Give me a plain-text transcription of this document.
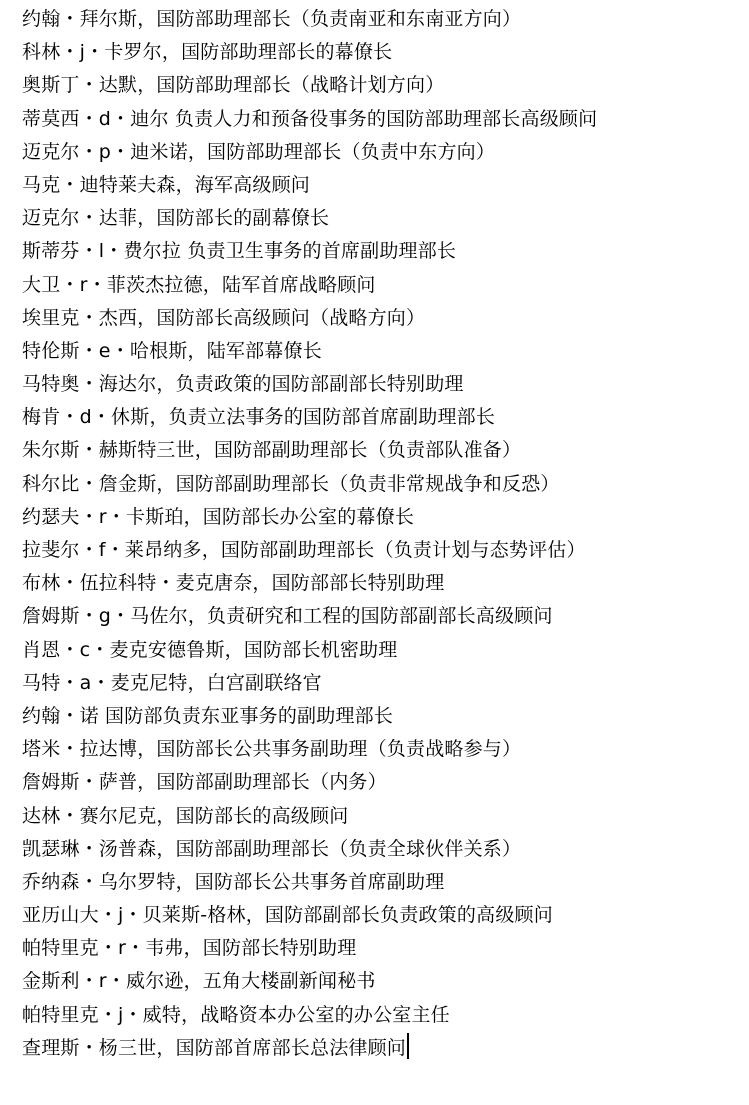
约翰・拜尔斯，国防部助理部长（负责南亚和东南亚方向）
科林・j・卡罗尔，国防部助理部长的幕僚长
奥斯丁・达默，国防部助理部长（战略计划方向）
蒂莫西・d・迪尔 负责人力和预备役事务的国防部助理部长高级顾问
迈克尔・p・迪米诺，国防部助理部长（负责中东方向）
马克・迪特莱夫森，海军高级顾问
迈克尔・达菲，国防部长的副幕僚长
斯蒂芬・l・费尔拉 负责卫生事务的首席副助理部长
大卫・r・菲茨杰拉德，陆军首席战略顾问
埃里克・杰西，国防部长高级顾问（战略方向）
特伦斯・e・哈根斯，陆军部幕僚长
马特奥・海达尔，负责政策的国防部副部长特别助理
梅肯・d・休斯，负责立法事务的国防部首席副助理部长
朱尔斯・赫斯特三世，国防部副助理部长（负责部队准备）
科尔比・詹金斯，国防部副助理部长（负责非常规战争和反恐）
约瑟夫・r・卡斯珀，国防部长办公室的幕僚长
拉斐尔・f・莱昂纳多，国防部副助理部长（负责计划与态势评估）
布林・伍拉科特・麦克唐奈，国防部部长特别助理
詹姆斯・g・马佐尔，负责研究和工程的国防部副部长高级顾问
肖恩・c・麦克安德鲁斯，国防部长机密助理
马特・a・麦克尼特，白宫副联络官
约翰・诺 国防部负责东亚事务的副助理部长
塔米・拉达博，国防部长公共事务副助理（负责战略参与）
詹姆斯・萨普，国防部副助理部长（内务）
达林・赛尔尼克，国防部长的高级顾问
凯瑟琳・汤普森，国防部副助理部长（负责全球伙伴关系）
乔纳森・乌尔罗特，国防部长公共事务首席副助理
亚历山大・j・贝莱斯-格林，国防部副部长负责政策的高级顾问
帕特里克・r・韦弗，国防部长特别助理
金斯利・r・威尔逊，五角大楼副新闻秘书
帕特里克・j・威特，战略资本办公室的办公室主任
查理斯・杨三世，国防部首席部长总法律顾问
